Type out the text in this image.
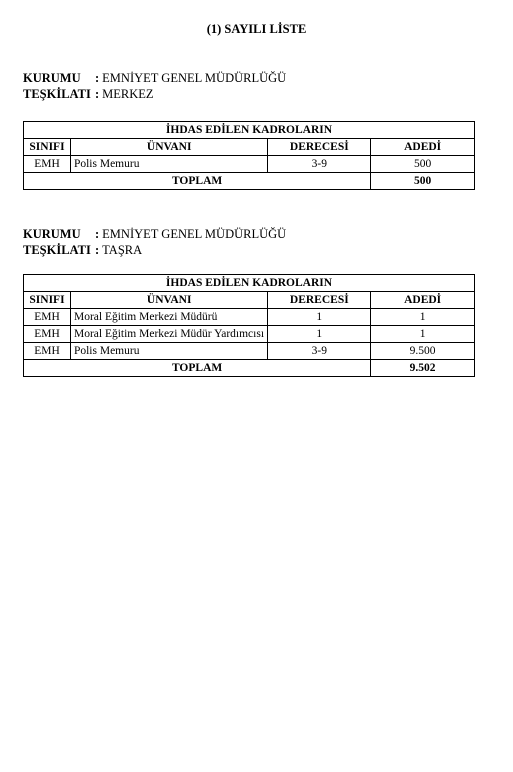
(1) SAYILI LİSTE
KURUMU	: EMNİYET GENEL MÜDÜRLÜĞÜ
TEŞKİLATI : MERKEZ
İHDAS EDİLEN KADROLARIN			
SINIFI	ÜNVANI	DERECESİ	ADEDİ
EMH	Polis Memuru	3-9	500
TOPLAM			500
KURUMU	: EMNİYET GENEL MÜDÜRLÜĞÜ
TEŞKİLATI : TAŞRA
İHDAS EDİLEN KADROLARIN			
SINIFI	ÜNVANI	DERECESİ	ADEDİ
EMH	Moral Eğitim Merkezi Müdürü	1	1
EMH	Moral Eğitim Merkezi Müdür Yardımcısı	1	1
EMH	Polis Memuru	3-9	9.500
TOPLAM			9.502
